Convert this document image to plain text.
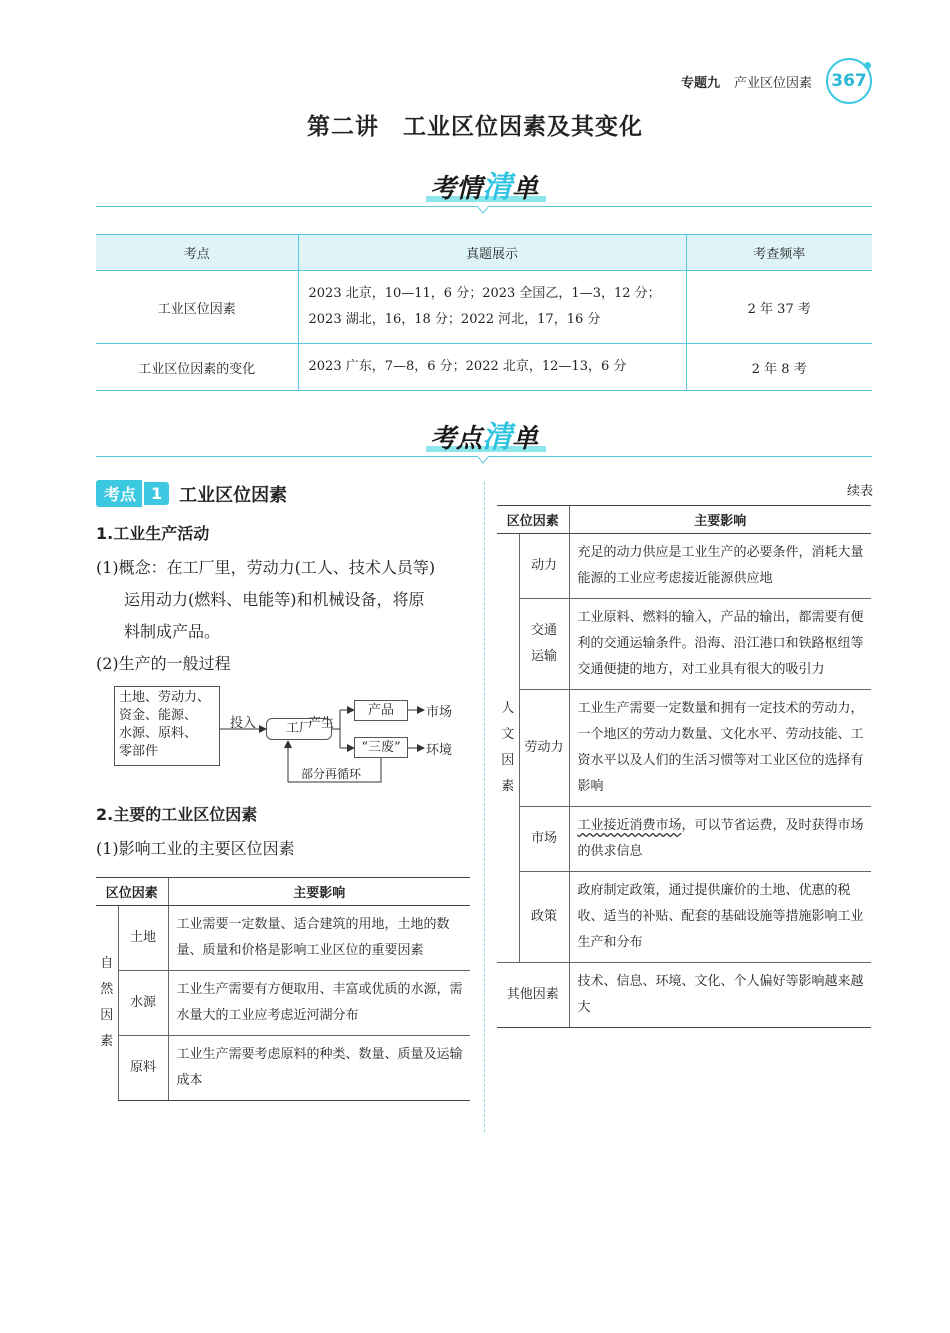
专题九 产业区位因素 367
第二讲　工业区位因素及其变化
考情清单
考点	真题展示	考查频率
工业区位因素	2023 北京，10—11，6 分；2023 全国乙，1—3，12 分；2023 湖北，16，18 分；2022 河北，17，16 分	2 年 37 考
工业区位因素的变化	2023 广东，7—8，6 分；2022 北京，12—13，6 分	2 年 8 考
考点清单
考点 1 工业区位因素
1.工业生产活动
(1)概念：在工厂里，劳动力(工人、技术人员等)
运用动力(燃料、电能等)和机械设备，将原
料制成产品。
(2)生产的一般过程
土地、劳动力、
资金、能源、
水源、原料、
零部件
投入	工厂
产生
产品	市场
“三废”	环境
部分再循环
2.主要的工业区位因素
(1)影响工业的主要区位因素
区位因素		主要影响

自
然
因
素	土地	工业需要一定数量、适合建筑的用地，土地的数量、质量和价格是影响工业区位的重要因素
	水源	工业生产需要有方便取用、丰富或优质的水源，需水量大的工业应考虑近河湖分布
	原料	工业生产需要考虑原料的种类、数量、质量及运输成本
续表
区位因素		主要影响

人
文
因
素	动力	充足的动力供应是工业生产的必要条件，消耗大量能源的工业应考虑接近能源供应地
	交通运输	工业原料、燃料的输入，产品的输出，都需要有便利的交通运输条件。沿海、沿江港口和铁路枢纽等交通便捷的地方，对工业具有很大的吸引力
	劳动力	工业生产需要一定数量和拥有一定技术的劳动力，一个地区的劳动力数量、文化水平、劳动技能、工资水平以及人们的生活习惯等对工业区位的选择有影响
	市场	工业接近消费市场，可以节省运费，及时获得市场的供求信息
	政策	政府制定政策，通过提供廉价的土地、优惠的税收、适当的补贴、配套的基础设施等措施影响工业生产和分布
其他因素		技术、信息、环境、文化、个人偏好等影响越来越大
